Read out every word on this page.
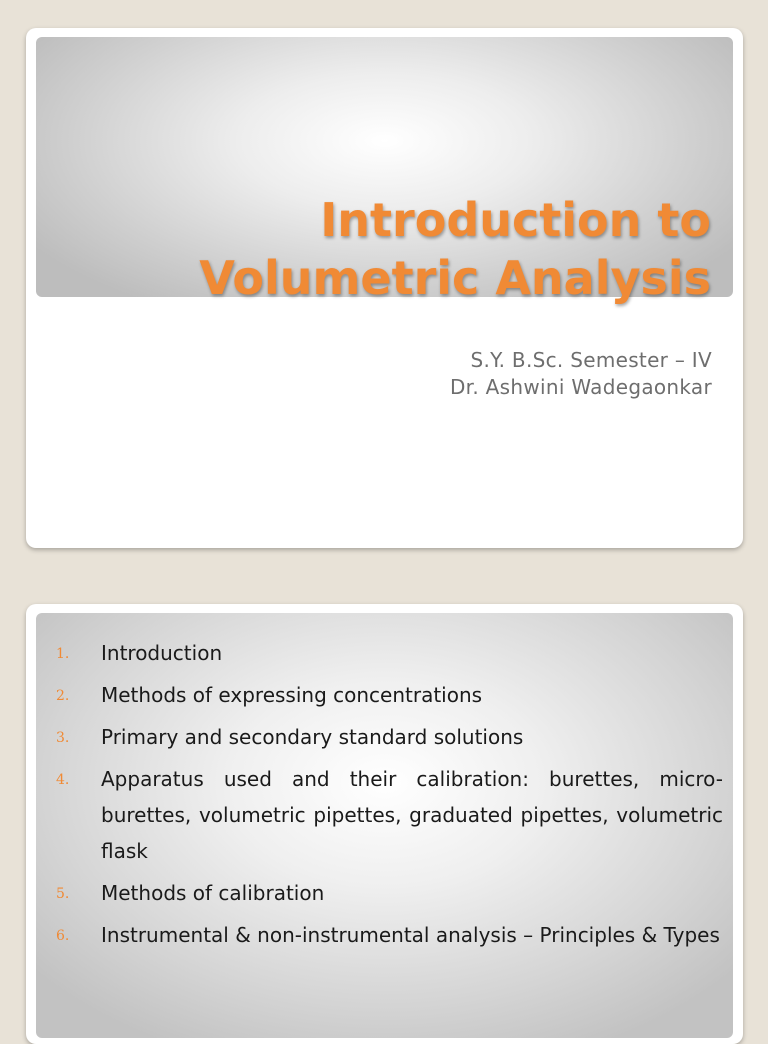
Introduction to
Volumetric Analysis
S.Y. B.Sc. Semester – IV
Dr. Ashwini Wadegaonkar
1. Introduction
2. Methods of expressing concentrations
3. Primary and secondary standard solutions
4. Apparatus used and their calibration: burettes, micro-burettes, volumetric pipettes, graduated pipettes, volumetric flask
5. Methods of calibration
6. Instrumental & non-instrumental analysis – Principles & Types
